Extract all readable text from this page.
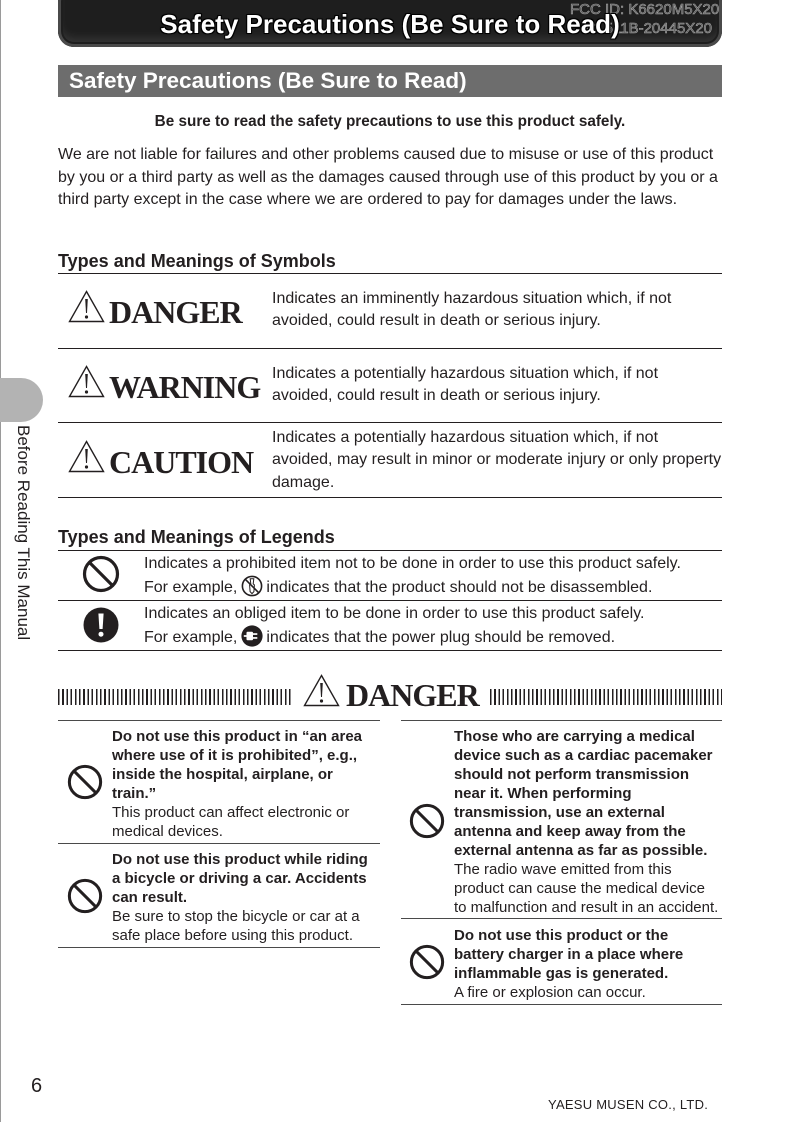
FCC ID: K6620M5X20
IC: 511B-20445X20
Safety Precautions (Be Sure to Read)
Safety Precautions (Be Sure to Read)
Be sure to read the safety precautions to use this product safely.

We are not liable for failures and other problems caused due to misuse or use of this product by you or a third party as well as the damages caused through use of this product by you or a third party except in the case where we are ordered to pay for damages under the laws.

Types and Meanings of Symbols
DANGER Indicates an imminently hazardous situation which, if not avoided, could result in death or serious injury.
WARNING Indicates a potentially hazardous situation which, if not avoided, could result in death or serious injury.
CAUTION
Indicates a potentially hazardous situation which, if not avoided, may result in minor or moderate injury or only property damage.
Types and Meanings of Legends
Indicates a prohibited item not to be done in order to use this product safely.
For example, indicates that the product should not be disassembled.
Indicates an obliged item to be done in order to use this product safely.
For example, indicates that the power plug should be removed.
DANGER
Do not use this product in “an area
where use of it is prohibited”, e.g.,
inside the hospital, airplane, or
train.”
This product can affect electronic or
medical devices.
Do not use this product while riding
a bicycle or driving a car. Accidents
can result.
Be sure to stop the bicycle or car at a
safe place before using this product.
Those who are carrying a medical
device such as a cardiac pacemaker
should not perform transmission
near it. When performing
transmission, use an external
antenna and keep away from the
external antenna as far as possible.
The radio wave emitted from this
product can cause the medical device
to malfunction and result in an accident.
Do not use this product or the
battery charger in a place where
inflammable gas is generated.
A fire or explosion can occur.
Before Reading This Manual
6
YAESU MUSEN CO., LTD.
